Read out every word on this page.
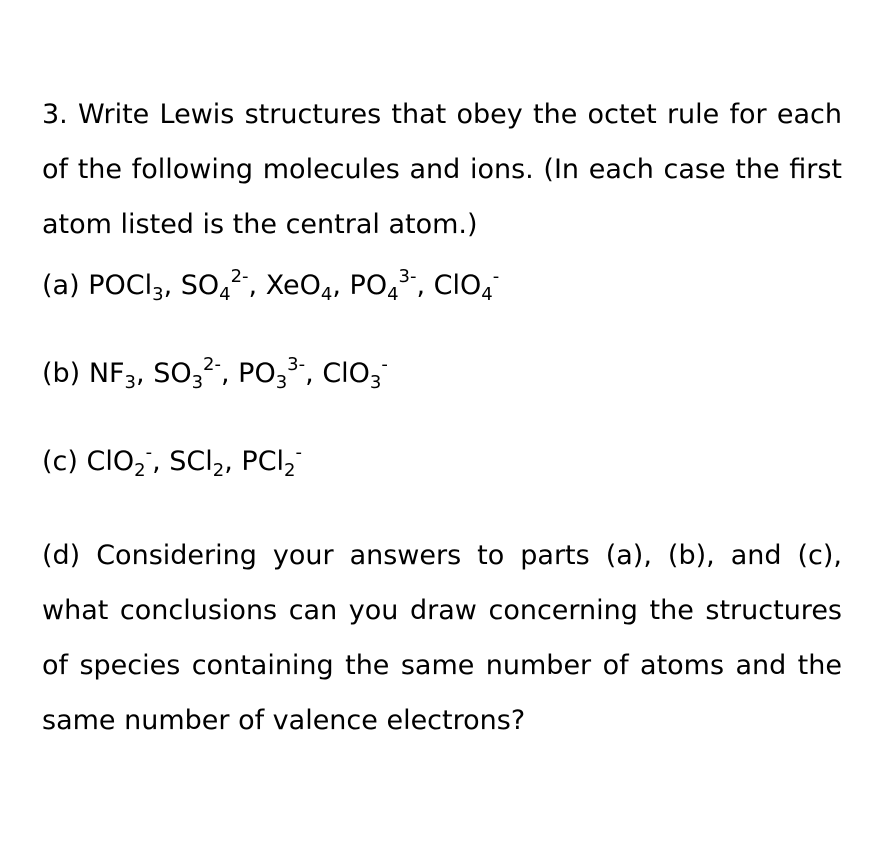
3. Write Lewis structures that obey the octet rule for each of the following molecules and ions. (In each case the first atom listed is the central atom.)

(a) POCl$_3$, $SO_4^{2-}$, XeO$_4$, $PO_4^{3-}$, ClO$_4$-

(b) $NF_3$, $SO_3^{2-}$, $PO_3^{3-}$, ClO$_3$-

(c) ClO$_2$-, SCl$_2$, PCl$_2$-

(d) Considering your answers to parts (a), (b), and (c), what conclusions can you draw concerning the structures of species containing the same number of atoms and the same number of valence electrons?
